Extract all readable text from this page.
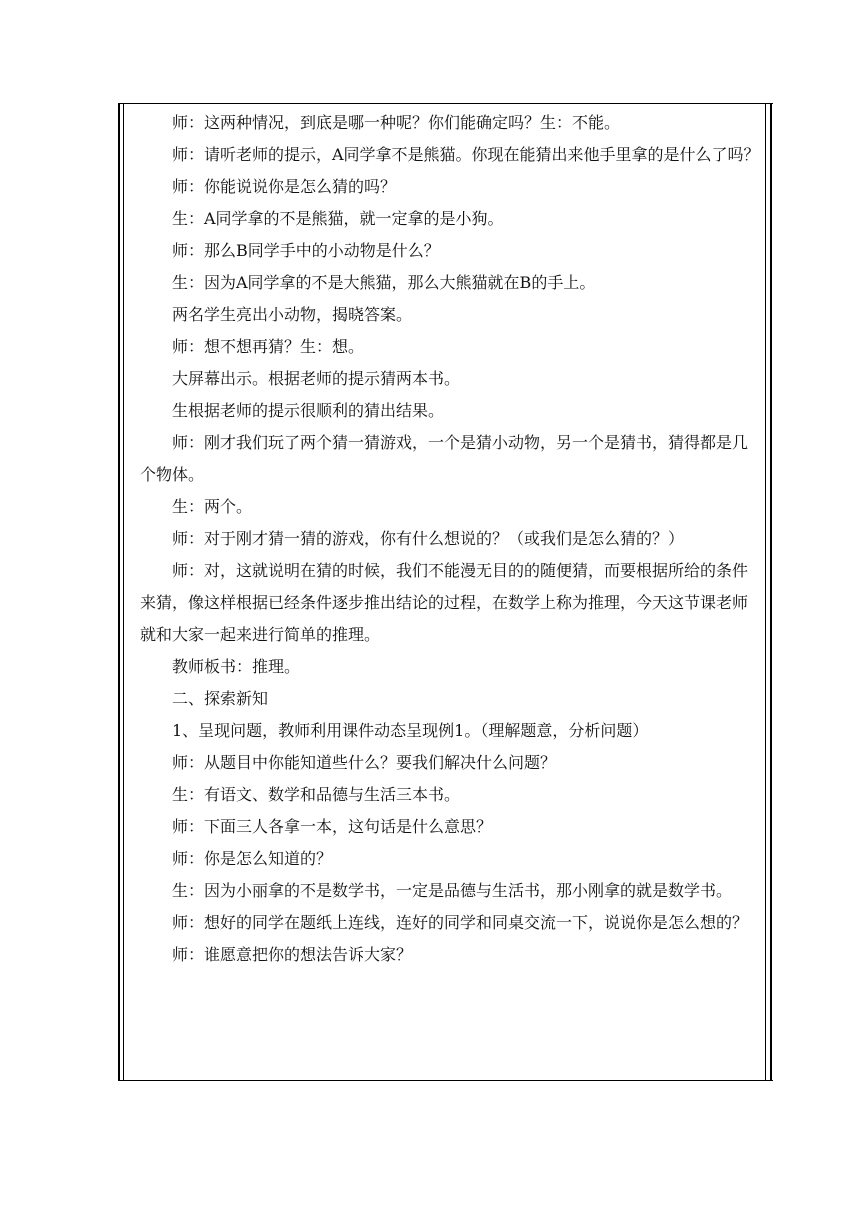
师：这两种情况，到底是哪一种呢？你们能确定吗？生：不能。

师：请听老师的提示，A同学拿不是熊猫。你现在能猜出来他手里拿的是什么了吗？

师：你能说说你是怎么猜的吗？

生：A同学拿的不是熊猫，就一定拿的是小狗。

师：那么B同学手中的小动物是什么？

生：因为A同学拿的不是大熊猫，那么大熊猫就在B的手上。

两名学生亮出小动物，揭晓答案。

师：想不想再猜？生：想。

大屏幕出示。根据老师的提示猜两本书。

生根据老师的提示很顺利的猜出结果。

师：刚才我们玩了两个猜一猜游戏，一个是猜小动物，另一个是猜书，猜得都是几个物体。

生：两个。

师：对于刚才猜一猜的游戏，你有什么想说的？（或我们是怎么猜的？）

师：对，这就说明在猜的时候，我们不能漫无目的的随便猜，而要根据所给的条件来猜，像这样根据已经条件逐步推出结论的过程，在数学上称为推理，今天这节课老师就和大家一起来进行简单的推理。

教师板书：推理。

二、探索新知

1、呈现问题，教师利用课件动态呈现例1。（理解题意，分析问题）

师：从题目中你能知道些什么？要我们解决什么问题？

生：有语文、数学和品德与生活三本书。

师：下面三人各拿一本，这句话是什么意思？

师：你是怎么知道的？

生：因为小丽拿的不是数学书，一定是品德与生活书，那小刚拿的就是数学书。

师：想好的同学在题纸上连线，连好的同学和同桌交流一下，说说你是怎么想的？

师：谁愿意把你的想法告诉大家？
